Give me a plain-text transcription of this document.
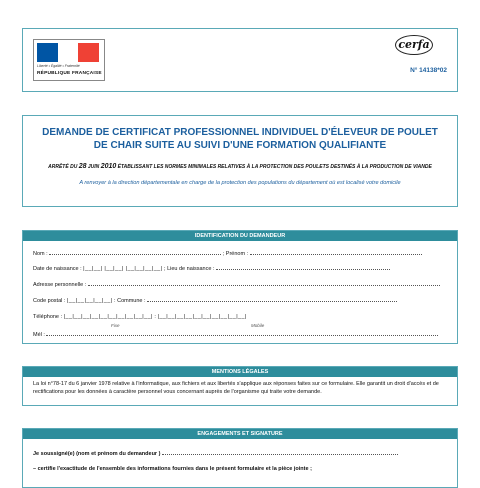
Liberté • Égalité • Fraternité
RÉPUBLIQUE FRANÇAISE
cerfa
N° 14138*02
DEMANDE DE CERTIFICAT PROFESSIONNEL INDIVIDUEL D'ÉLEVEUR DE POULET DE CHAIR SUITE AU SUIVI D'UNE FORMATION QUALIFIANTE
ARRÊTÉ DU 28 JUIN 2010 ÉTABLISSANT LES NORMES MINIMALES RELATIVES À LA PROTECTION DES POULETS DESTINÉS À LA PRODUCTION DE VIANDE
A renvoyer à la direction départementale en charge de la protection des populations du département où est localisé votre domicile
IDENTIFICATION DU DEMANDEUR
Nom :	; Prénom :
Date de naissance : |__|__| |__|__| |__|__|__|__| ; Lieu de naissance :
Adresse personnelle :
Code postal : |__|__|__|__|__| : Commune :
Téléphone : |__|__|__|__|__|__|__|__|__|__| : |__|__|__|__|__|__|__|__|__|__|
Fixe	Mobile
Mél :
MENTIONS LÉGALES
La loi n°78-17 du 6 janvier 1978 relative à l'informatique, aux fichiers et aux libertés s'applique aux réponses faites sur ce formulaire. Elle garantit un droit d'accès et de rectifications pour les données à caractère personnel vous concernant auprès de l'organisme qui traite votre demande.
ENGAGEMENTS ET SIGNATURE
Je soussigné(e) (nom et prénom du demandeur )
– certifie l'exactitude de l'ensemble des informations fournies dans le présent formulaire et la pièce jointe ;
